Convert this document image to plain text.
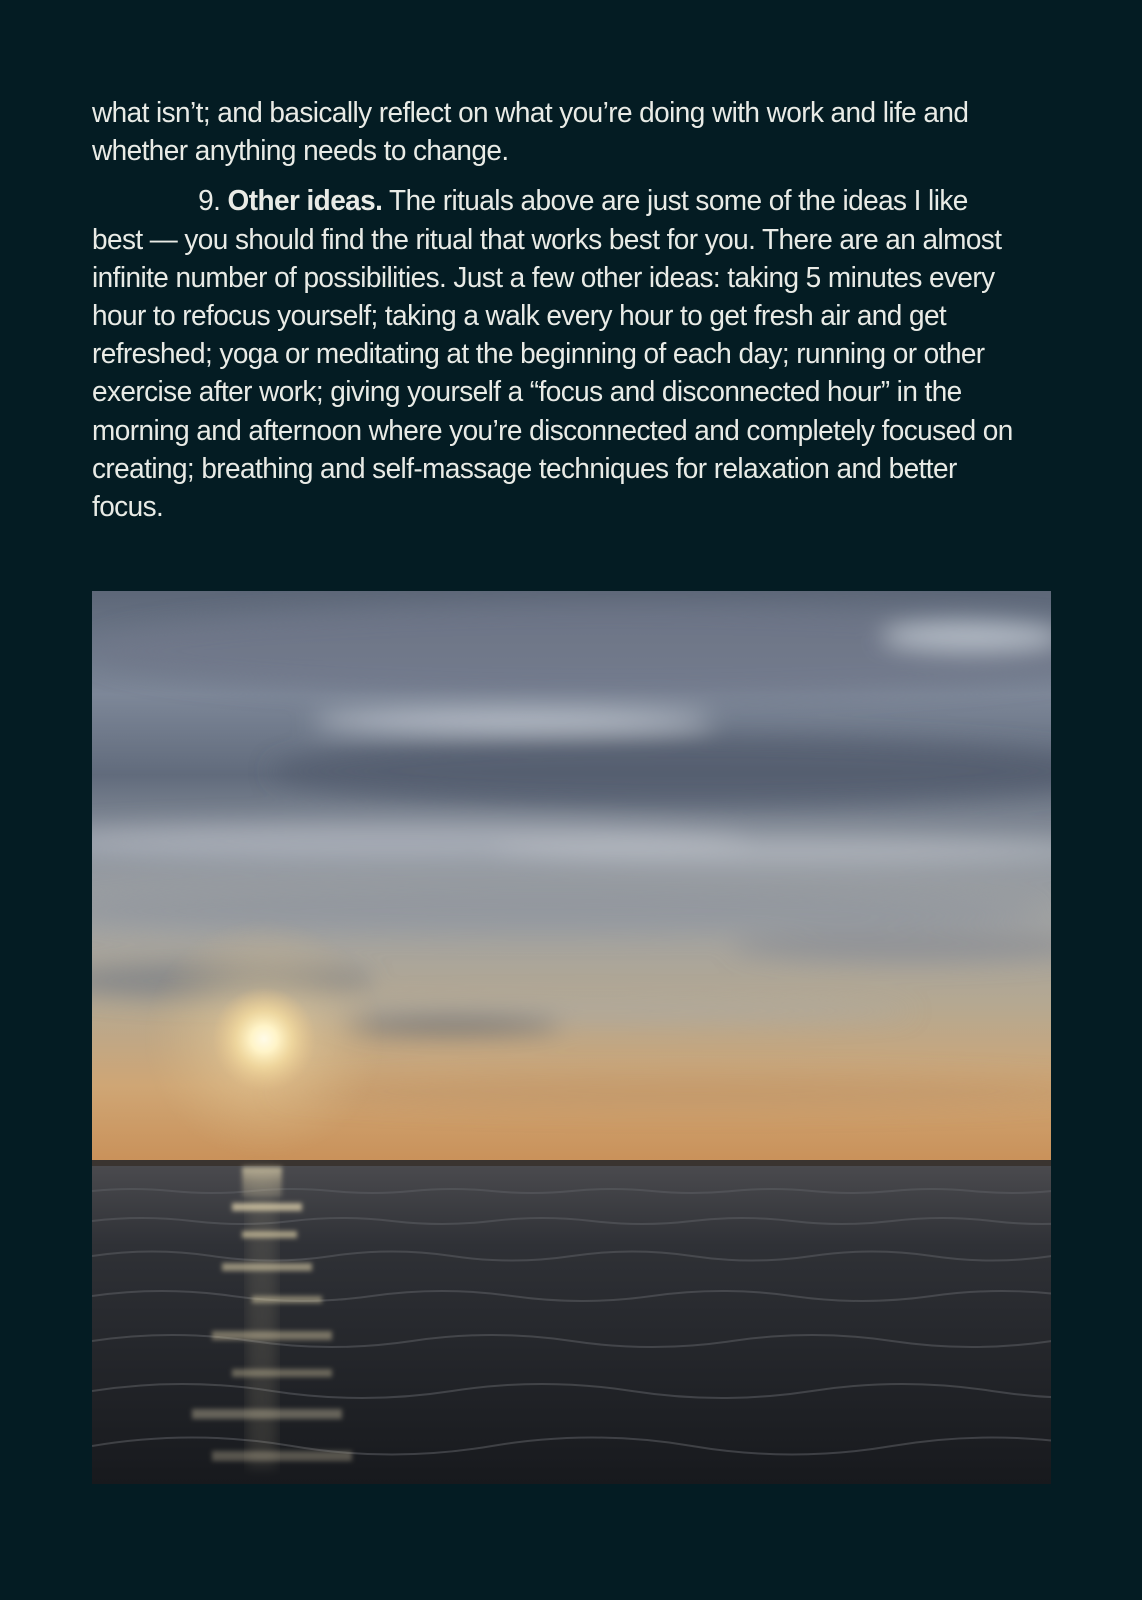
what isn’t; and basically reflect on what you’re doing with work and life and whether anything needs to change.

9. Other ideas. The rituals above are just some of the ideas I like best — you should find the ritual that works best for you. There are an almost infinite number of possibilities. Just a few other ideas: taking 5 minutes every hour to refocus yourself; taking a walk every hour to get fresh air and get refreshed; yoga or meditating at the beginning of each day; running or other exercise after work; giving yourself a “focus and disconnected hour” in the morning and afternoon where you’re disconnected and completely focused on creating; breathing and self-massage techniques for relaxation and better focus.
